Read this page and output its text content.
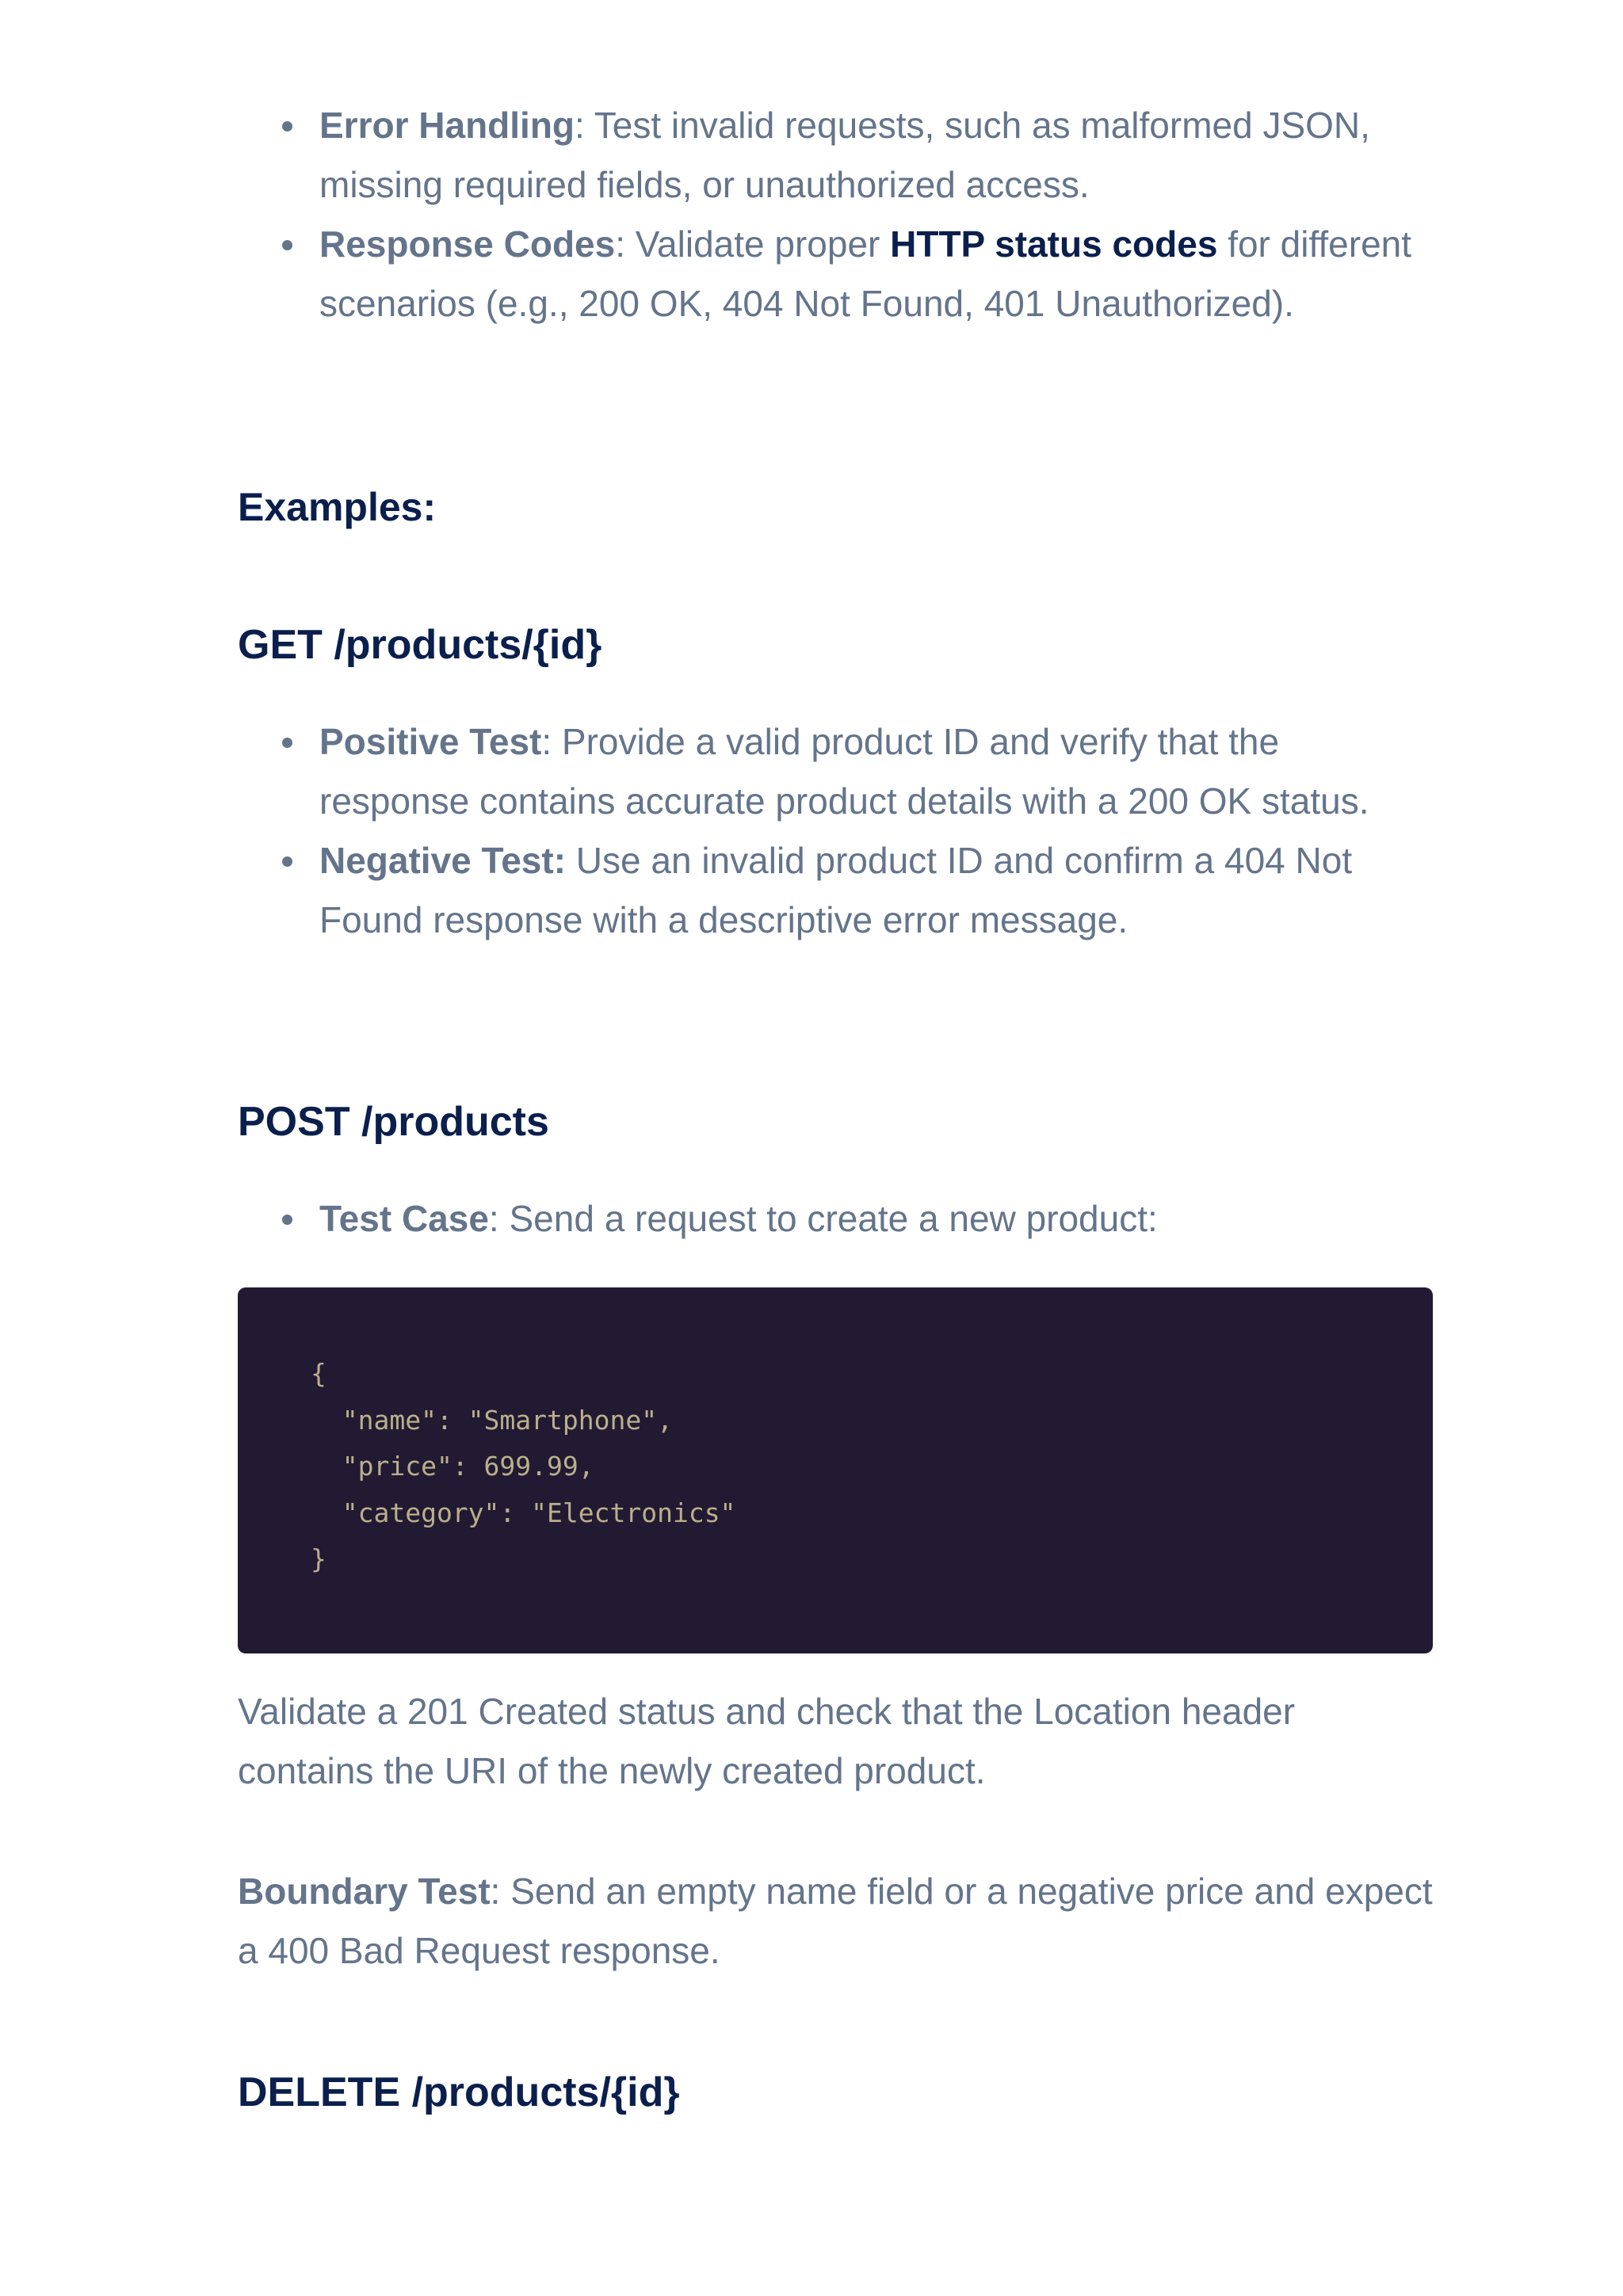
Error Handling: Test invalid requests, such as malformed JSON, missing required fields, or unauthorized access.
Response Codes: Validate proper HTTP status codes for different scenarios (e.g., 200 OK, 404 Not Found, 401 Unauthorized).
Examples:
GET /products/{id}
Positive Test: Provide a valid product ID and verify that the response contains accurate product details with a 200 OK status.
Negative Test: Use an invalid product ID and confirm a 404 Not Found response with a descriptive error message.
POST /products
Test Case: Send a request to create a new product:
{
"name": "Smartphone",
"price": 699.99,
"category": "Electronics"
}

Validate a 201 Created status and check that the Location header contains the URI of the newly created product.

Boundary Test: Send an empty name field or a negative price and expect a 400 Bad Request response.

DELETE /products/{id}
